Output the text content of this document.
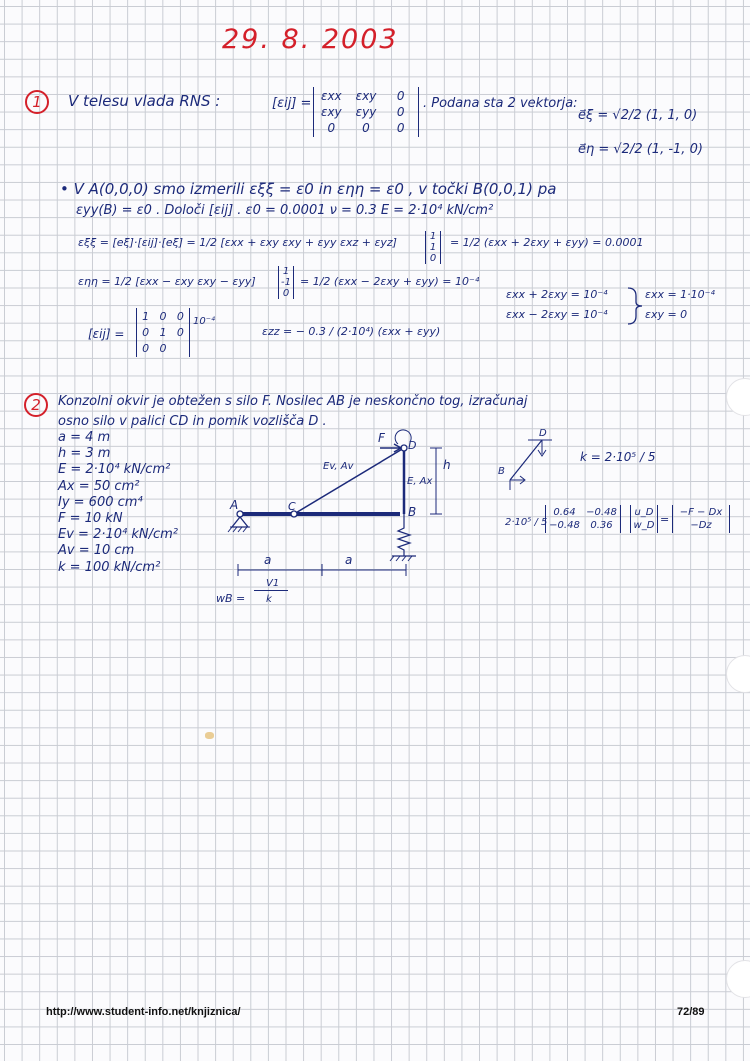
29. 8. 2003
1	V telesu vlada RNS :	[εij] = εxx	εxy	0
εxy	εyy	0
0	0	0
. Podana sta 2 vektorja:
e⃗ξ = √2/2 (1, 1, 0)
e⃗η = √2/2 (1, -1, 0)
• V A(0,0,0) smo izmerili εξξ = ε0 in εηη = ε0 , v točki B(0,0,1) pa
εyy(B) = ε0 . Določi [εij] . ε0 = 0.0001 ν = 0.3 E = 2·10⁴ kN/cm²
εξξ = [eξ]·[εij]·[eξ] = 1/2 [εxx + εxy εxy + εyy εxz + εyz]	1
1
0
= 1/2 (εxx + 2εxy + εyy) = 0.0001
εηη = 1/2 [εxx − εxy εxy − εyy]
1
-1
0
= 1/2 (εxx − 2εxy + εyy) = 10⁻⁴
εxx + 2εxy = 10⁻⁴
εxx − 2εxy = 10⁻⁴
εxx = 1·10⁻⁴
εxy = 0
[εij] =
1 0 0
0 1 0
0 0
10⁻⁴
εzz = − 0.3 / (2·10⁴) (εxx + εyy)
2	Konzolni okvir je obtežen s silo F. Nosilec AB je neskončno tog, izračunaj
osno silo v palici CD in pomik vozlišča D .
a = 4 m
h = 3 m
E = 2·10⁴ kN/cm²
Ax = 50 cm²
Iy = 600 cm⁴
F = 10 kN
Ev = 2·10⁴ kN/cm²
Av = 10 cm
k = 100 kN/cm²
A	B
C
D
F
h
Ev, Av
E, Ax
a	a
wB =
V1
k
D
B
k = 2·10⁵ / 5
2·10⁵ / 5
0.64	−0.48
−0.48	0.36
u_D
w_D =
−F − Dx
−Dz
http://www.student-info.net/knjiznica/	72/89
